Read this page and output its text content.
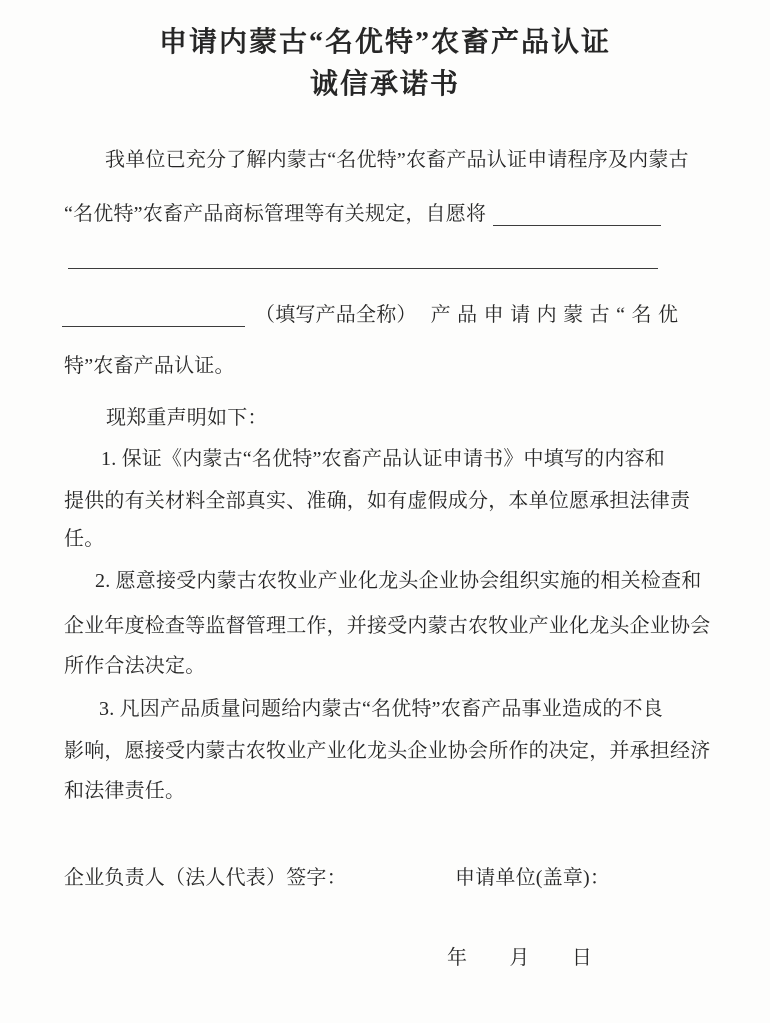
申请内蒙古“名优特”农畜产品认证
诚信承诺书
我单位已充分了解内蒙古“名优特”农畜产品认证申请程序及内蒙古
“名优特”农畜产品商标管理等有关规定，自愿将
（填写产品全称） 产品申请内蒙古“名优
特”农畜产品认证。
现郑重声明如下：
1. 保证《内蒙古“名优特”农畜产品认证申请书》中填写的内容和
提供的有关材料全部真实、准确，如有虚假成分，本单位愿承担法律责
任。
2. 愿意接受内蒙古农牧业产业化龙头企业协会组织实施的相关检查和
企业年度检查等监督管理工作，并接受内蒙古农牧业产业化龙头企业协会
所作合法决定。
3. 凡因产品质量问题给内蒙古“名优特”农畜产品事业造成的不良
影响，愿接受内蒙古农牧业产业化龙头企业协会所作的决定，并承担经济
和法律责任。
企业负责人（法人代表）签字：	申请单位(盖章)：
年 月 日
